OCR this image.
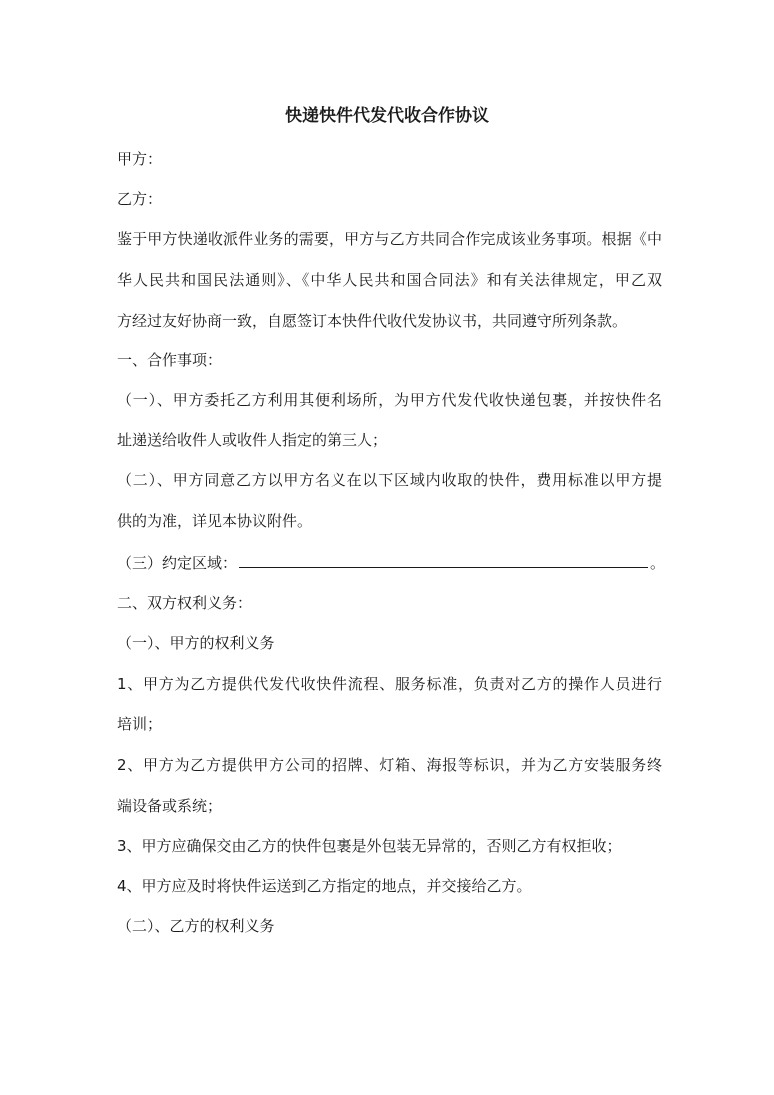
快递快件代发代收合作协议
甲方：
乙方：
鉴于甲方快递收派件业务的需要，甲方与乙方共同合作完成该业务事项。根据《中
华人民共和国民法通则》、《中华人民共和国合同法》和有关法律规定，甲乙双
方经过友好协商一致，自愿签订本快件代收代发协议书，共同遵守所列条款。
一、合作事项：
（一）、甲方委托乙方利用其便利场所，为甲方代发代收快递包裹，并按快件名
址递送给收件人或收件人指定的第三人；
（二）、甲方同意乙方以甲方名义在以下区域内收取的快件，费用标准以甲方提
供的为准，详见本协议附件。
（三）约定区域：	。
二、双方权利义务：
（一）、甲方的权利义务
1、甲方为乙方提供代发代收快件流程、服务标准，负责对乙方的操作人员进行
培训；
2、甲方为乙方提供甲方公司的招牌、灯箱、海报等标识，并为乙方安装服务终
端设备或系统；
3、甲方应确保交由乙方的快件包裹是外包装无异常的，否则乙方有权拒收；
4、甲方应及时将快件运送到乙方指定的地点，并交接给乙方。
（二）、乙方的权利义务
